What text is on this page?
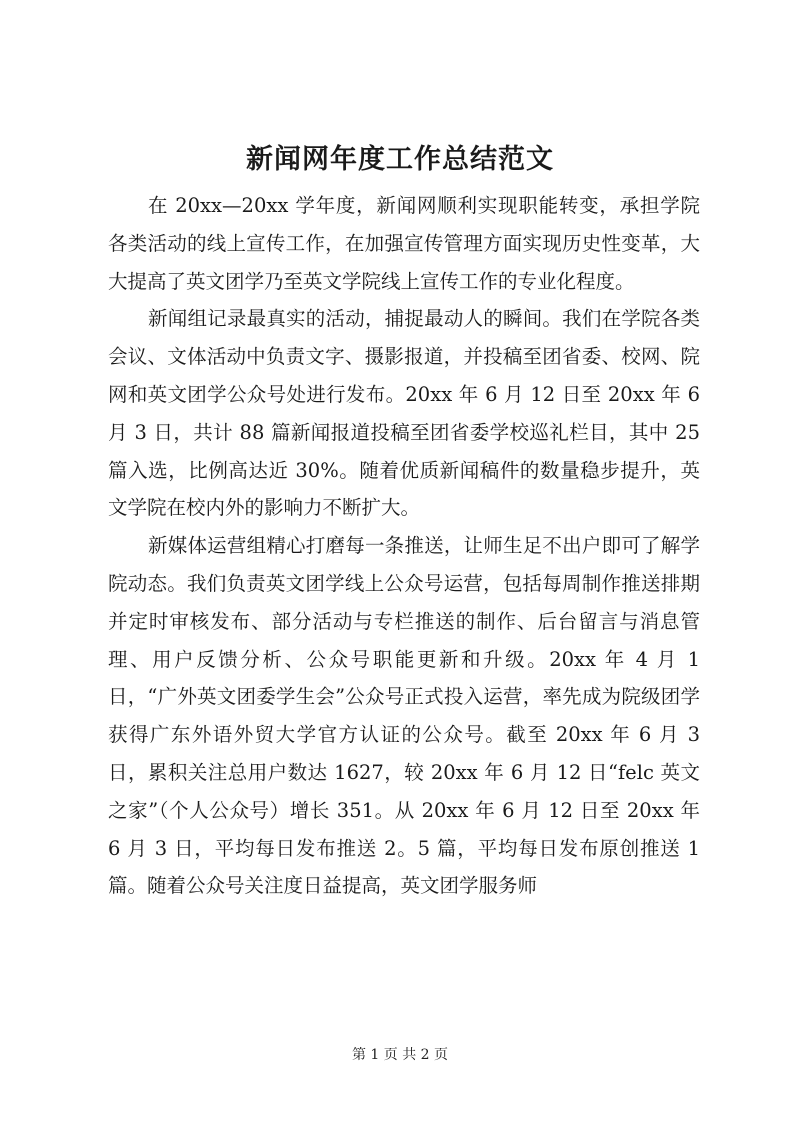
新闻网年度工作总结范文

在 20xx—20xx 学年度，新闻网顺利实现职能转变，承担学院各类活动的线上宣传工作，在加强宣传管理方面实现历史性变革，大大提高了英文团学乃至英文学院线上宣传工作的专业化程度。

新闻组记录最真实的活动，捕捉最动人的瞬间。我们在学院各类会议、文体活动中负责文字、摄影报道，并投稿至团省委、校网、院网和英文团学公众号处进行发布。20xx 年 6 月 12 日至 20xx 年 6 月 3 日，共计 88 篇新闻报道投稿至团省委学校巡礼栏目，其中 25 篇入选，比例高达近 30%。随着优质新闻稿件的数量稳步提升，英文学院在校内外的影响力不断扩大。

新媒体运营组精心打磨每一条推送，让师生足不出户即可了解学院动态。我们负责英文团学线上公众号运营，包括每周制作推送排期并定时审核发布、部分活动与专栏推送的制作、后台留言与消息管理、用户反馈分析、公众号职能更新和升级。20xx 年 4 月 1 日，“广外英文团委学生会”公众号正式投入运营，率先成为院级团学获得广东外语外贸大学官方认证的公众号。截至 20xx 年 6 月 3 日，累积关注总用户数达 1627，较 20xx 年 6 月 12 日“felc 英文之家”（个人公众号）增长 351。从 20xx 年 6 月 12 日至 20xx 年 6 月 3 日，平均每日发布推送 2。5 篇，平均每日发布原创推送 1 篇。随着公众号关注度日益提高，英文团学服务师

第 1 页 共 2 页
